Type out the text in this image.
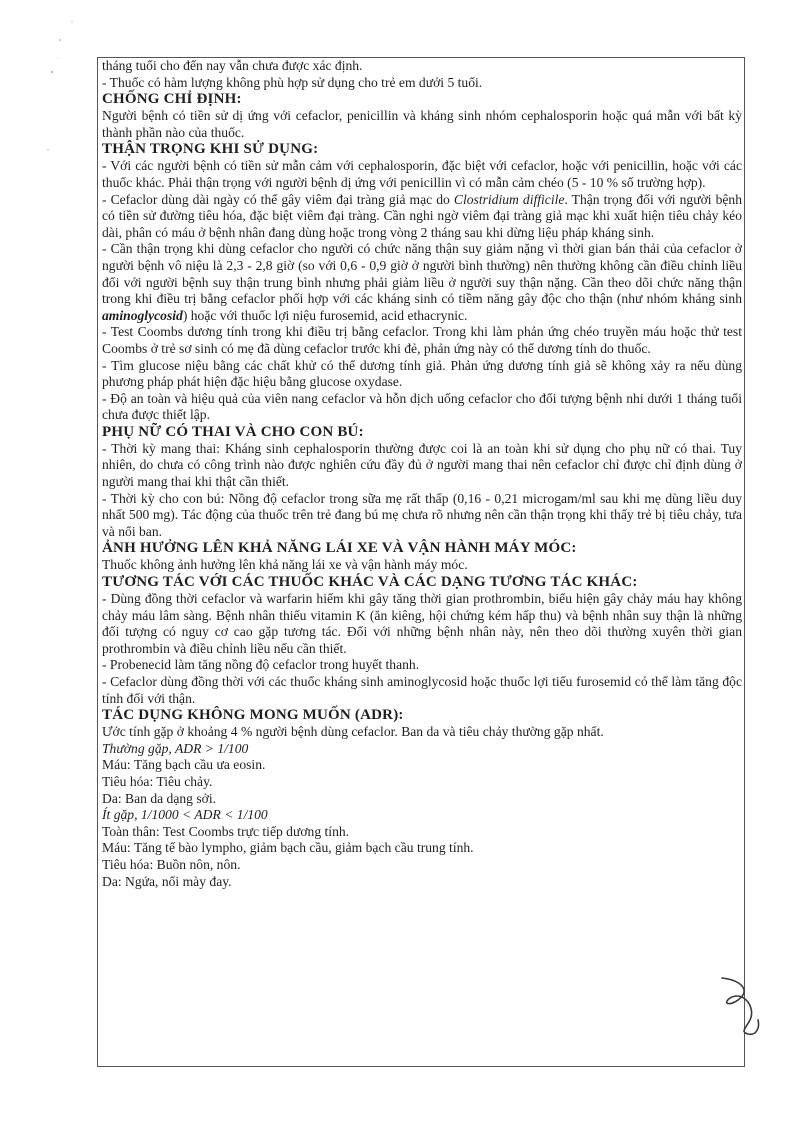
tháng tuổi cho đến nay vẫn chưa được xác định.

- Thuốc có hàm lượng không phù hợp sử dụng cho trẻ em dưới 5 tuổi.

CHỐNG CHỈ ĐỊNH:

Người bệnh có tiền sử dị ứng với cefaclor, penicillin và kháng sinh nhóm cephalosporin hoặc quá mẫn với bất kỳ thành phần nào của thuốc.

THẬN TRỌNG KHI SỬ DỤNG:

- Với các người bệnh có tiền sử mẫn cảm với cephalosporin, đặc biệt với cefaclor, hoặc với penicillin, hoặc với các thuốc khác. Phải thận trọng với người bệnh dị ứng với penicillin vì có mẫn cảm chéo (5 - 10 % số trường hợp).

- Cefaclor dùng dài ngày có thể gây viêm đại tràng giả mạc do Clostridium difficile. Thận trọng đối với người bệnh có tiền sử đường tiêu hóa, đặc biệt viêm đại tràng. Cần nghi ngờ viêm đại tràng giả mạc khi xuất hiện tiêu chảy kéo dài, phân có máu ở bệnh nhân đang dùng hoặc trong vòng 2 tháng sau khi dừng liệu pháp kháng sinh.

- Cần thận trọng khi dùng cefaclor cho người có chức năng thận suy giảm nặng vì thời gian bán thải của cefaclor ở người bệnh vô niệu là 2,3 - 2,8 giờ (so với 0,6 - 0,9 giờ ở người bình thường) nên thường không cần điều chỉnh liều đối với người bệnh suy thận trung bình nhưng phải giảm liều ở người suy thận nặng. Cần theo dõi chức năng thận trong khi điều trị bằng cefaclor phối hợp với các kháng sinh có tiềm năng gây độc cho thận (như nhóm kháng sinh aminoglycosid) hoặc với thuốc lợi niệu furosemid, acid ethacrynic.

- Test Coombs dương tính trong khi điều trị bằng cefaclor. Trong khi làm phản ứng chéo truyền máu hoặc thử test Coombs ở trẻ sơ sinh có mẹ đã dùng cefaclor trước khi đẻ, phản ứng này có thể dương tính do thuốc.

- Tìm glucose niệu bằng các chất khử có thể dương tính giả. Phản ứng dương tính giả sẽ không xảy ra nếu dùng phương pháp phát hiện đặc hiệu bằng glucose oxydase.

- Độ an toàn và hiệu quả của viên nang cefaclor và hỗn dịch uống cefaclor cho đối tượng bệnh nhi dưới 1 tháng tuổi chưa được thiết lập.

PHỤ NỮ CÓ THAI VÀ CHO CON BÚ:

- Thời kỳ mang thai: Kháng sinh cephalosporin thường được coi là an toàn khi sử dụng cho phụ nữ có thai. Tuy nhiên, do chưa có công trình nào được nghiên cứu đầy đủ ở người mang thai nên cefaclor chỉ được chỉ định dùng ở người mang thai khi thật cần thiết.

- Thời kỳ cho con bú: Nồng độ cefaclor trong sữa mẹ rất thấp (0,16 - 0,21 microgam/ml sau khi mẹ dùng liều duy nhất 500 mg). Tác động của thuốc trên trẻ đang bú mẹ chưa rõ nhưng nên cần thận trọng khi thấy trẻ bị tiêu chảy, tưa và nổi ban.

ẢNH HƯỞNG LÊN KHẢ NĂNG LÁI XE VÀ VẬN HÀNH MÁY MÓC:

Thuốc không ảnh hưởng lên khả năng lái xe và vận hành máy móc.

TƯƠNG TÁC VỚI CÁC THUỐC KHÁC VÀ CÁC DẠNG TƯƠNG TÁC KHÁC:

- Dùng đồng thời cefaclor và warfarin hiếm khi gây tăng thời gian prothrombin, biểu hiện gây chảy máu hay không chảy máu lâm sàng. Bệnh nhân thiếu vitamin K (ăn kiêng, hội chứng kém hấp thu) và bệnh nhân suy thận là những đối tượng có nguy cơ cao gặp tương tác. Đối với những bệnh nhân này, nên theo dõi thường xuyên thời gian prothrombin và điều chỉnh liều nếu cần thiết.

- Probenecid làm tăng nồng độ cefaclor trong huyết thanh.

- Cefaclor dùng đồng thời với các thuốc kháng sinh aminoglycosid hoặc thuốc lợi tiểu furosemid có thể làm tăng độc tính đối với thận.

TÁC DỤNG KHÔNG MONG MUỐN (ADR):

Ước tính gặp ở khoảng 4 % người bệnh dùng cefaclor. Ban da và tiêu chảy thường gặp nhất.

Thường gặp, ADR > 1/100

Máu: Tăng bạch cầu ưa eosin.

Tiêu hóa: Tiêu chảy.

Da: Ban da dạng sởi.

Ít gặp, 1/1000 < ADR < 1/100

Toàn thân: Test Coombs trực tiếp dương tính.

Máu: Tăng tế bào lympho, giảm bạch cầu, giảm bạch cầu trung tính.

Tiêu hóa: Buồn nôn, nôn.

Da: Ngứa, nổi mày đay.
